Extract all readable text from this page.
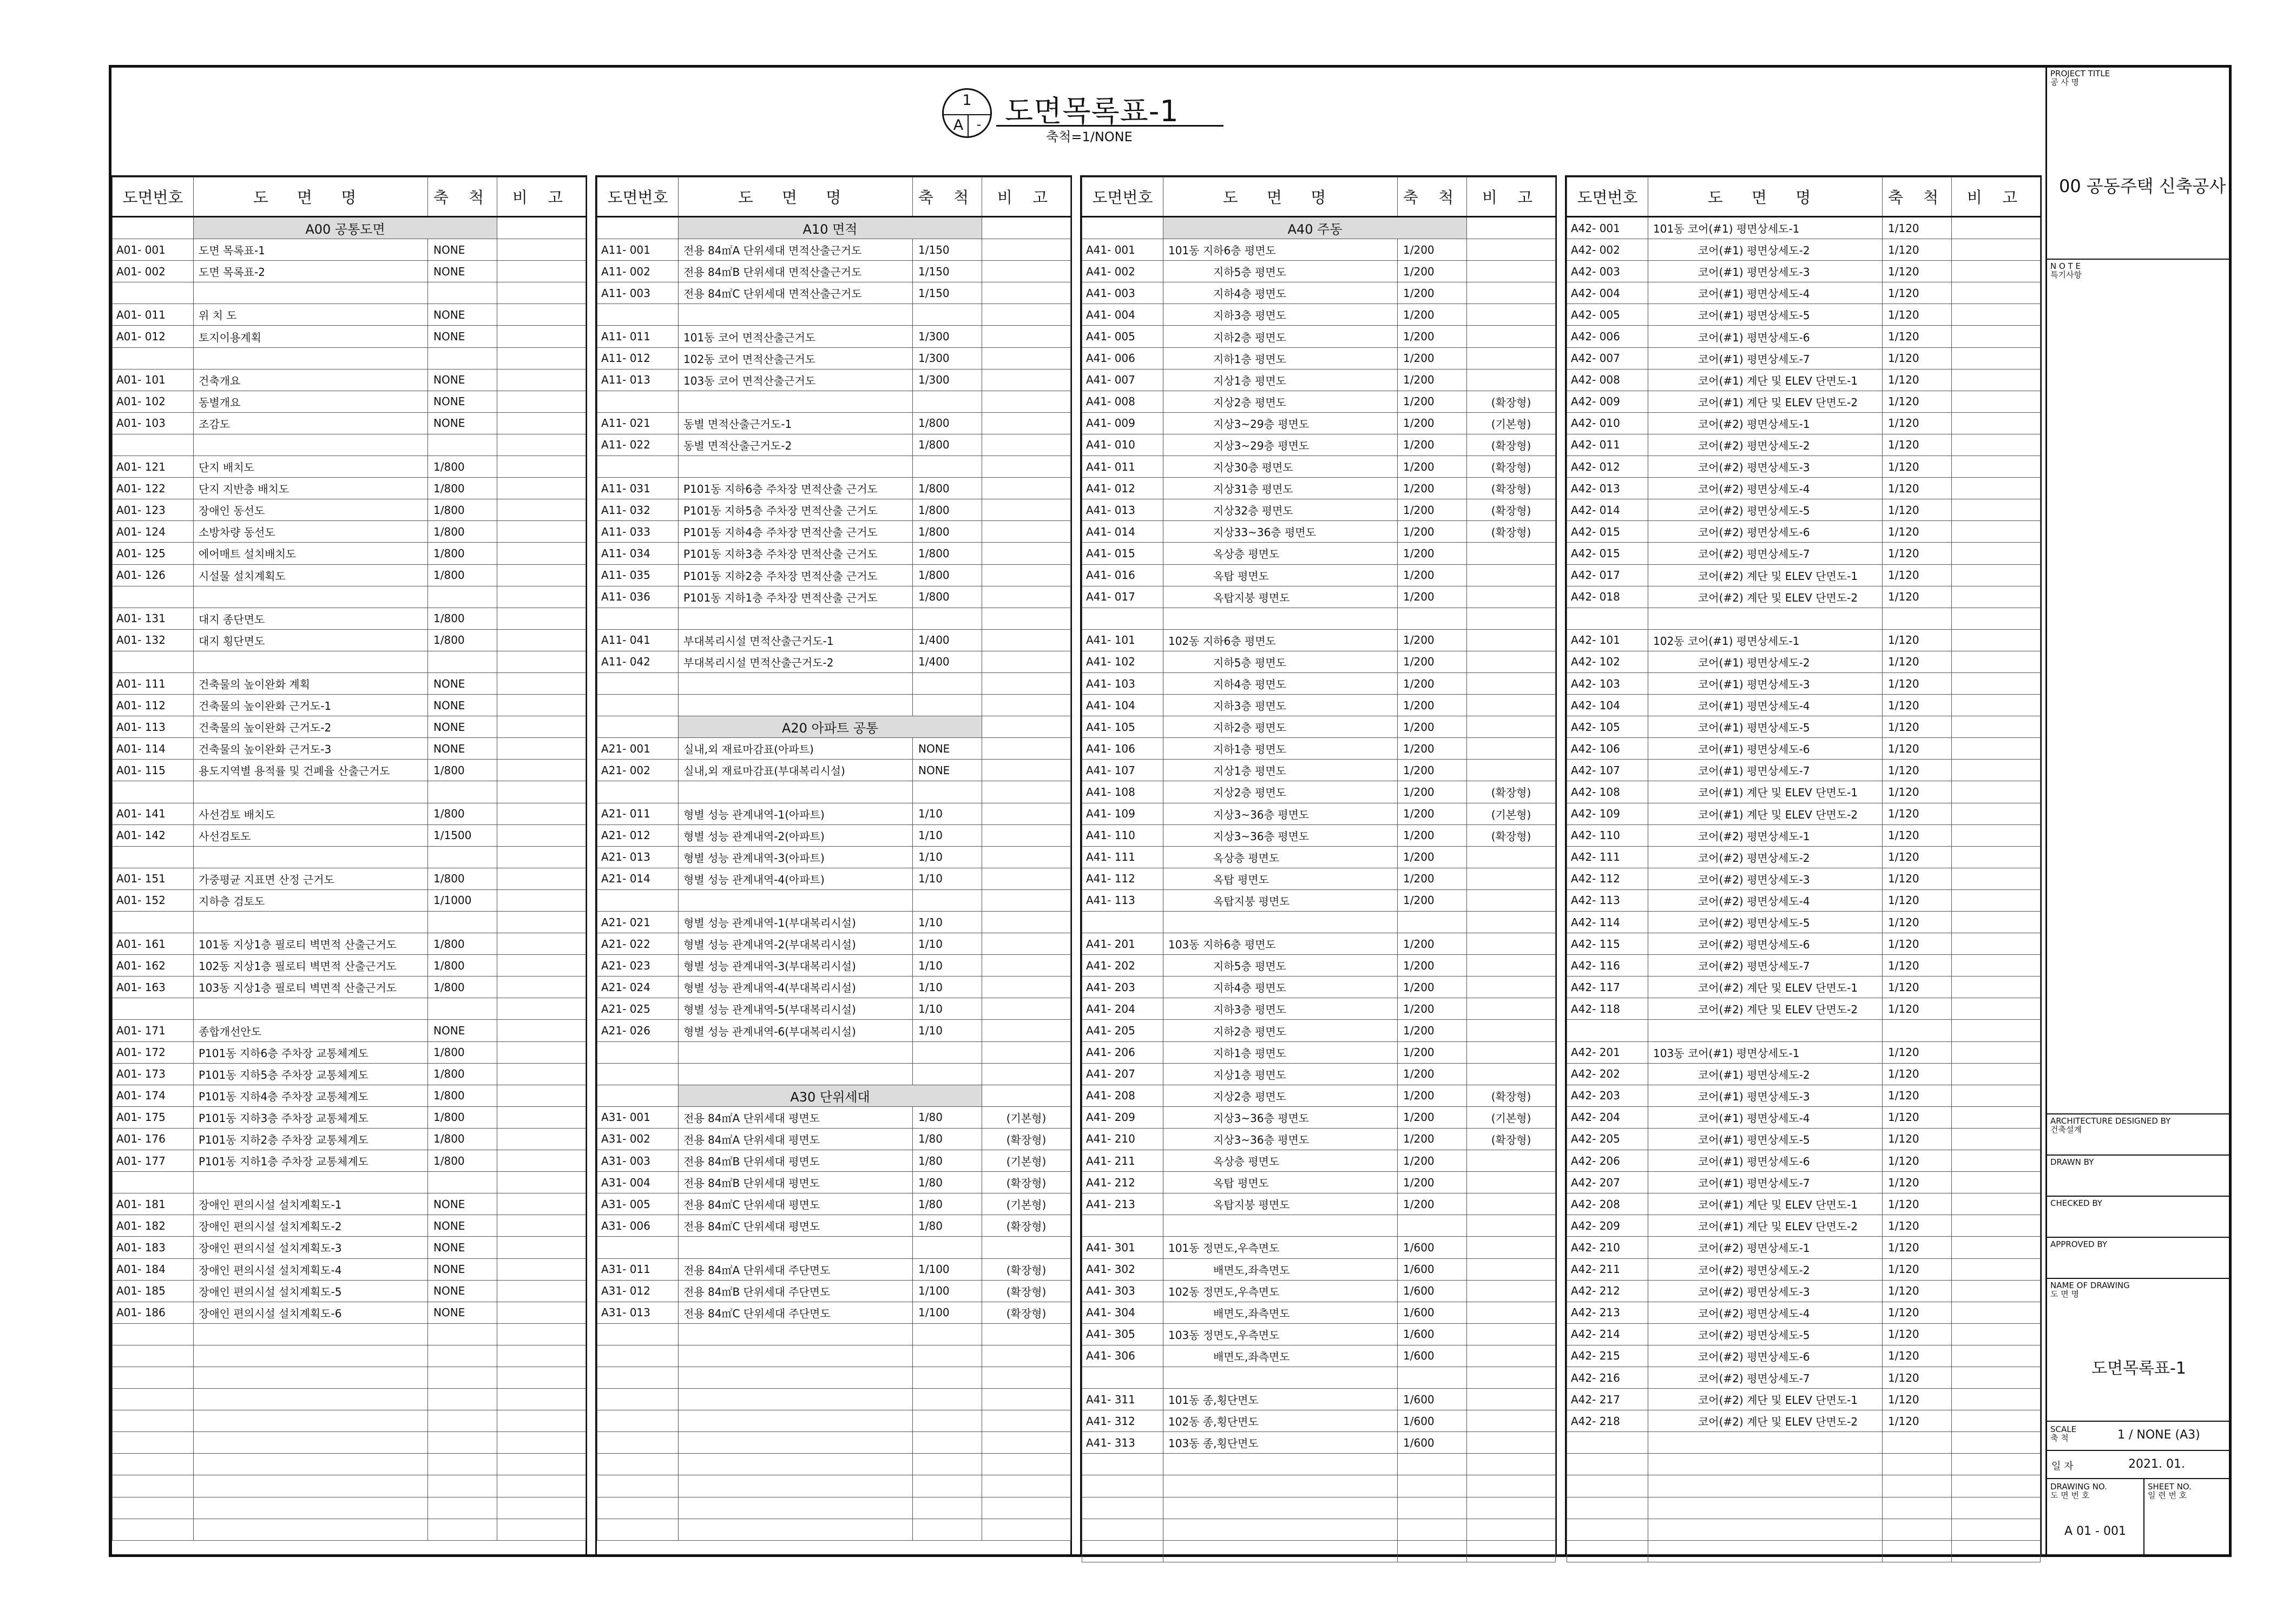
1
A	- 도면목록표-1
축척=1/NONE
도면번호	도 면 명	축 척	비 고
	A00 공통도면		
A01- 001	도면 목록표-1	NONE	
A01- 002	도면 목록표-2	NONE	

A01- 011	위 치 도	NONE	
A01- 012	토지이용계획	NONE	

A01- 101	건축개요	NONE	
A01- 102	동별개요	NONE	
A01- 103	조감도	NONE	

A01- 121	단지 배치도	1/800	
A01- 122	단지 지반층 배치도	1/800	
A01- 123	장애인 동선도	1/800	
A01- 124	소방차량 동선도	1/800	
A01- 125	에어매트 설치배치도	1/800	
A01- 126	시설물 설치계획도	1/800	

A01- 131	대지 종단면도	1/800	
A01- 132	대지 횡단면도	1/800	

A01- 111	건축물의 높이완화 계획	NONE	
A01- 112	건축물의 높이완화 근거도-1	NONE	
A01- 113	건축물의 높이완화 근거도-2	NONE	
A01- 114	건축물의 높이완화 근거도-3	NONE	
A01- 115	용도지역별 용적률 및 건폐율 산출근거도	1/800	

A01- 141	사선검토 배치도	1/800	
A01- 142	사선검토도	1/1500	

A01- 151	가중평균 지표면 산정 근거도	1/800	
A01- 152	지하층 검토도	1/1000	

A01- 161	101동 지상1층 필로티 벽면적 산출근거도	1/800	
A01- 162	102동 지상1층 필로티 벽면적 산출근거도	1/800	
A01- 163	103동 지상1층 필로티 벽면적 산출근거도	1/800	

A01- 171	종합개선안도	NONE	
A01- 172	P101동 지하6층 주차장 교통체계도	1/800	
A01- 173	P101동 지하5층 주차장 교통체계도	1/800	
A01- 174	P101동 지하4층 주차장 교통체계도	1/800	
A01- 175	P101동 지하3층 주차장 교통체계도	1/800	
A01- 176	P101동 지하2층 주차장 교통체계도	1/800	
A01- 177	P101동 지하1층 주차장 교통체계도	1/800	

A01- 181	장애인 편의시설 설치계획도-1	NONE	
A01- 182	장애인 편의시설 설치계획도-2	NONE	
A01- 183	장애인 편의시설 설치계획도-3	NONE	
A01- 184	장애인 편의시설 설치계획도-4	NONE	
A01- 185	장애인 편의시설 설치계획도-5	NONE	
A01- 186	장애인 편의시설 설치계획도-6	NONE	

도면번호	도 면 명	축 척	비 고
	A10 면적		
A11- 001	전용 84㎡A 단위세대 면적산출근거도	1/150	
A11- 002	전용 84㎡B 단위세대 면적산출근거도	1/150	
A11- 003	전용 84㎡C 단위세대 면적산출근거도	1/150	

A11- 011	101동 코어 면적산출근거도	1/300	
A11- 012	102동 코어 면적산출근거도	1/300	
A11- 013	103동 코어 면적산출근거도	1/300	

A11- 021	동별 면적산출근거도-1	1/800	
A11- 022	동별 면적산출근거도-2	1/800	

A11- 031	P101동 지하6층 주차장 면적산출 근거도	1/800	
A11- 032	P101동 지하5층 주차장 면적산출 근거도	1/800	
A11- 033	P101동 지하4층 주차장 면적산출 근거도	1/800	
A11- 034	P101동 지하3층 주차장 면적산출 근거도	1/800	
A11- 035	P101동 지하2층 주차장 면적산출 근거도	1/800	
A11- 036	P101동 지하1층 주차장 면적산출 근거도	1/800	

A11- 041	부대복리시설 면적산출근거도-1	1/400	
A11- 042	부대복리시설 면적산출근거도-2	1/400	

	A20 아파트 공통		
A21- 001	실내,외 재료마감표(아파트)	NONE	
A21- 002	실내,외 재료마감표(부대복리시설)	NONE	

A21- 011	형별 성능 관계내역-1(아파트)	1/10	
A21- 012	형별 성능 관계내역-2(아파트)	1/10	
A21- 013	형별 성능 관계내역-3(아파트)	1/10	
A21- 014	형별 성능 관계내역-4(아파트)	1/10	

A21- 021	형별 성능 관계내역-1(부대복리시설)	1/10	
A21- 022	형별 성능 관계내역-2(부대복리시설)	1/10	
A21- 023	형별 성능 관계내역-3(부대복리시설)	1/10	
A21- 024	형별 성능 관계내역-4(부대복리시설)	1/10	
A21- 025	형별 성능 관계내역-5(부대복리시설)	1/10	
A21- 026	형별 성능 관계내역-6(부대복리시설)	1/10	

	A30 단위세대		
A31- 001	전용 84㎡A 단위세대 평면도	1/80	(기본형)
A31- 002	전용 84㎡A 단위세대 평면도	1/80	(확장형)
A31- 003	전용 84㎡B 단위세대 평면도	1/80	(기본형)
A31- 004	전용 84㎡B 단위세대 평면도	1/80	(확장형)
A31- 005	전용 84㎡C 단위세대 평면도	1/80	(기본형)
A31- 006	전용 84㎡C 단위세대 평면도	1/80	(확장형)

A31- 011	전용 84㎡A 단위세대 주단면도	1/100	(확장형)
A31- 012	전용 84㎡B 단위세대 주단면도	1/100	(확장형)
A31- 013	전용 84㎡C 단위세대 주단면도	1/100	(확장형)

도면번호	도 면 명	축 척	비 고
	A40 주동		
A41- 001	101동 지하6층 평면도	1/200	
A41- 002	지하5층 평면도	1/200	
A41- 003	지하4층 평면도	1/200	
A41- 004	지하3층 평면도	1/200	
A41- 005	지하2층 평면도	1/200	
A41- 006	지하1층 평면도	1/200	
A41- 007	지상1층 평면도	1/200	
A41- 008	지상2층 평면도	1/200	(확장형)
A41- 009	지상3~29층 평면도	1/200	(기본형)
A41- 010	지상3~29층 평면도	1/200	(확장형)
A41- 011	지상30층 평면도	1/200	(확장형)
A41- 012	지상31층 평면도	1/200	(확장형)
A41- 013	지상32층 평면도	1/200	(확장형)
A41- 014	지상33~36층 평면도	1/200	(확장형)
A41- 015	옥상층 평면도	1/200	
A41- 016	옥탑 평면도	1/200	
A41- 017	옥탑지붕 평면도	1/200	

A41- 101	102동 지하6층 평면도	1/200	
A41- 102	지하5층 평면도	1/200	
A41- 103	지하4층 평면도	1/200	
A41- 104	지하3층 평면도	1/200	
A41- 105	지하2층 평면도	1/200	
A41- 106	지하1층 평면도	1/200	
A41- 107	지상1층 평면도	1/200	
A41- 108	지상2층 평면도	1/200	(확장형)
A41- 109	지상3~36층 평면도	1/200	(기본형)
A41- 110	지상3~36층 평면도	1/200	(확장형)
A41- 111	옥상층 평면도	1/200	
A41- 112	옥탑 평면도	1/200	
A41- 113	옥탑지붕 평면도	1/200	

A41- 201	103동 지하6층 평면도	1/200	
A41- 202	지하5층 평면도	1/200	
A41- 203	지하4층 평면도	1/200	
A41- 204	지하3층 평면도	1/200	
A41- 205	지하2층 평면도	1/200	
A41- 206	지하1층 평면도	1/200	
A41- 207	지상1층 평면도	1/200	
A41- 208	지상2층 평면도	1/200	(확장형)
A41- 209	지상3~36층 평면도	1/200	(기본형)
A41- 210	지상3~36층 평면도	1/200	(확장형)
A41- 211	옥상층 평면도	1/200	
A41- 212	옥탑 평면도	1/200	
A41- 213	옥탑지붕 평면도	1/200	

A41- 301	101동 정면도,우측면도	1/600	
A41- 302	배면도,좌측면도	1/600	
A41- 303	102동 정면도,우측면도	1/600	
A41- 304	배면도,좌측면도	1/600	
A41- 305	103동 정면도,우측면도	1/600	
A41- 306	배면도,좌측면도	1/600	

A41- 311	101동 종,횡단면도	1/600	
A41- 312	102동 종,횡단면도	1/600	
A41- 313	103동 종,횡단면도	1/600	

도면번호	도 면 명	축 척	비 고
A42- 001	101동 코어(#1) 평면상세도-1	1/120	
A42- 002	코어(#1) 평면상세도-2	1/120	
A42- 003	코어(#1) 평면상세도-3	1/120	
A42- 004	코어(#1) 평면상세도-4	1/120	
A42- 005	코어(#1) 평면상세도-5	1/120	
A42- 006	코어(#1) 평면상세도-6	1/120	
A42- 007	코어(#1) 평면상세도-7	1/120	
A42- 008	코어(#1) 계단 및 ELEV 단면도-1	1/120	
A42- 009	코어(#1) 계단 및 ELEV 단면도-2	1/120	
A42- 010	코어(#2) 평면상세도-1	1/120	
A42- 011	코어(#2) 평면상세도-2	1/120	
A42- 012	코어(#2) 평면상세도-3	1/120	
A42- 013	코어(#2) 평면상세도-4	1/120	
A42- 014	코어(#2) 평면상세도-5	1/120	
A42- 015	코어(#2) 평면상세도-6	1/120	
A42- 015	코어(#2) 평면상세도-7	1/120	
A42- 017	코어(#2) 계단 및 ELEV 단면도-1	1/120	
A42- 018	코어(#2) 계단 및 ELEV 단면도-2	1/120	

A42- 101	102동 코어(#1) 평면상세도-1	1/120	
A42- 102	코어(#1) 평면상세도-2	1/120	
A42- 103	코어(#1) 평면상세도-3	1/120	
A42- 104	코어(#1) 평면상세도-4	1/120	
A42- 105	코어(#1) 평면상세도-5	1/120	
A42- 106	코어(#1) 평면상세도-6	1/120	
A42- 107	코어(#1) 평면상세도-7	1/120	
A42- 108	코어(#1) 계단 및 ELEV 단면도-1	1/120	
A42- 109	코어(#1) 계단 및 ELEV 단면도-2	1/120	
A42- 110	코어(#2) 평면상세도-1	1/120	
A42- 111	코어(#2) 평면상세도-2	1/120	
A42- 112	코어(#2) 평면상세도-3	1/120	
A42- 113	코어(#2) 평면상세도-4	1/120	
A42- 114	코어(#2) 평면상세도-5	1/120	
A42- 115	코어(#2) 평면상세도-6	1/120	
A42- 116	코어(#2) 평면상세도-7	1/120	
A42- 117	코어(#2) 계단 및 ELEV 단면도-1	1/120	
A42- 118	코어(#2) 계단 및 ELEV 단면도-2	1/120	

A42- 201	103동 코어(#1) 평면상세도-1	1/120	
A42- 202	코어(#1) 평면상세도-2	1/120	
A42- 203	코어(#1) 평면상세도-3	1/120	
A42- 204	코어(#1) 평면상세도-4	1/120	
A42- 205	코어(#1) 평면상세도-5	1/120	
A42- 206	코어(#1) 평면상세도-6	1/120	
A42- 207	코어(#1) 평면상세도-7	1/120	
A42- 208	코어(#1) 계단 및 ELEV 단면도-1	1/120	
A42- 209	코어(#1) 계단 및 ELEV 단면도-2	1/120	
A42- 210	코어(#2) 평면상세도-1	1/120	
A42- 211	코어(#2) 평면상세도-2	1/120	
A42- 212	코어(#2) 평면상세도-3	1/120	
A42- 213	코어(#2) 평면상세도-4	1/120	
A42- 214	코어(#2) 평면상세도-5	1/120	
A42- 215	코어(#2) 평면상세도-6	1/120	
A42- 216	코어(#2) 평면상세도-7	1/120	
A42- 217	코어(#2) 계단 및 ELEV 단면도-1	1/120	
A42- 218	코어(#2) 계단 및 ELEV 단면도-2	1/120	

PROJECT TITLE
공 사 명
00 공동주택 신축공사
N O T E
특기사항
ARCHITECTURE DESIGNED BY
건축설계
DRAWN BY
CHECKED BY
APPROVED BY
NAME OF DRAWING
도 면 명
도면목록표-1
SCALE
축 척	1 / NONE (A3)
일 자	2021. 01.
DRAWING NO.
도 면 번 호
SHEET NO.
일 련 번 호
A 01 - 001
